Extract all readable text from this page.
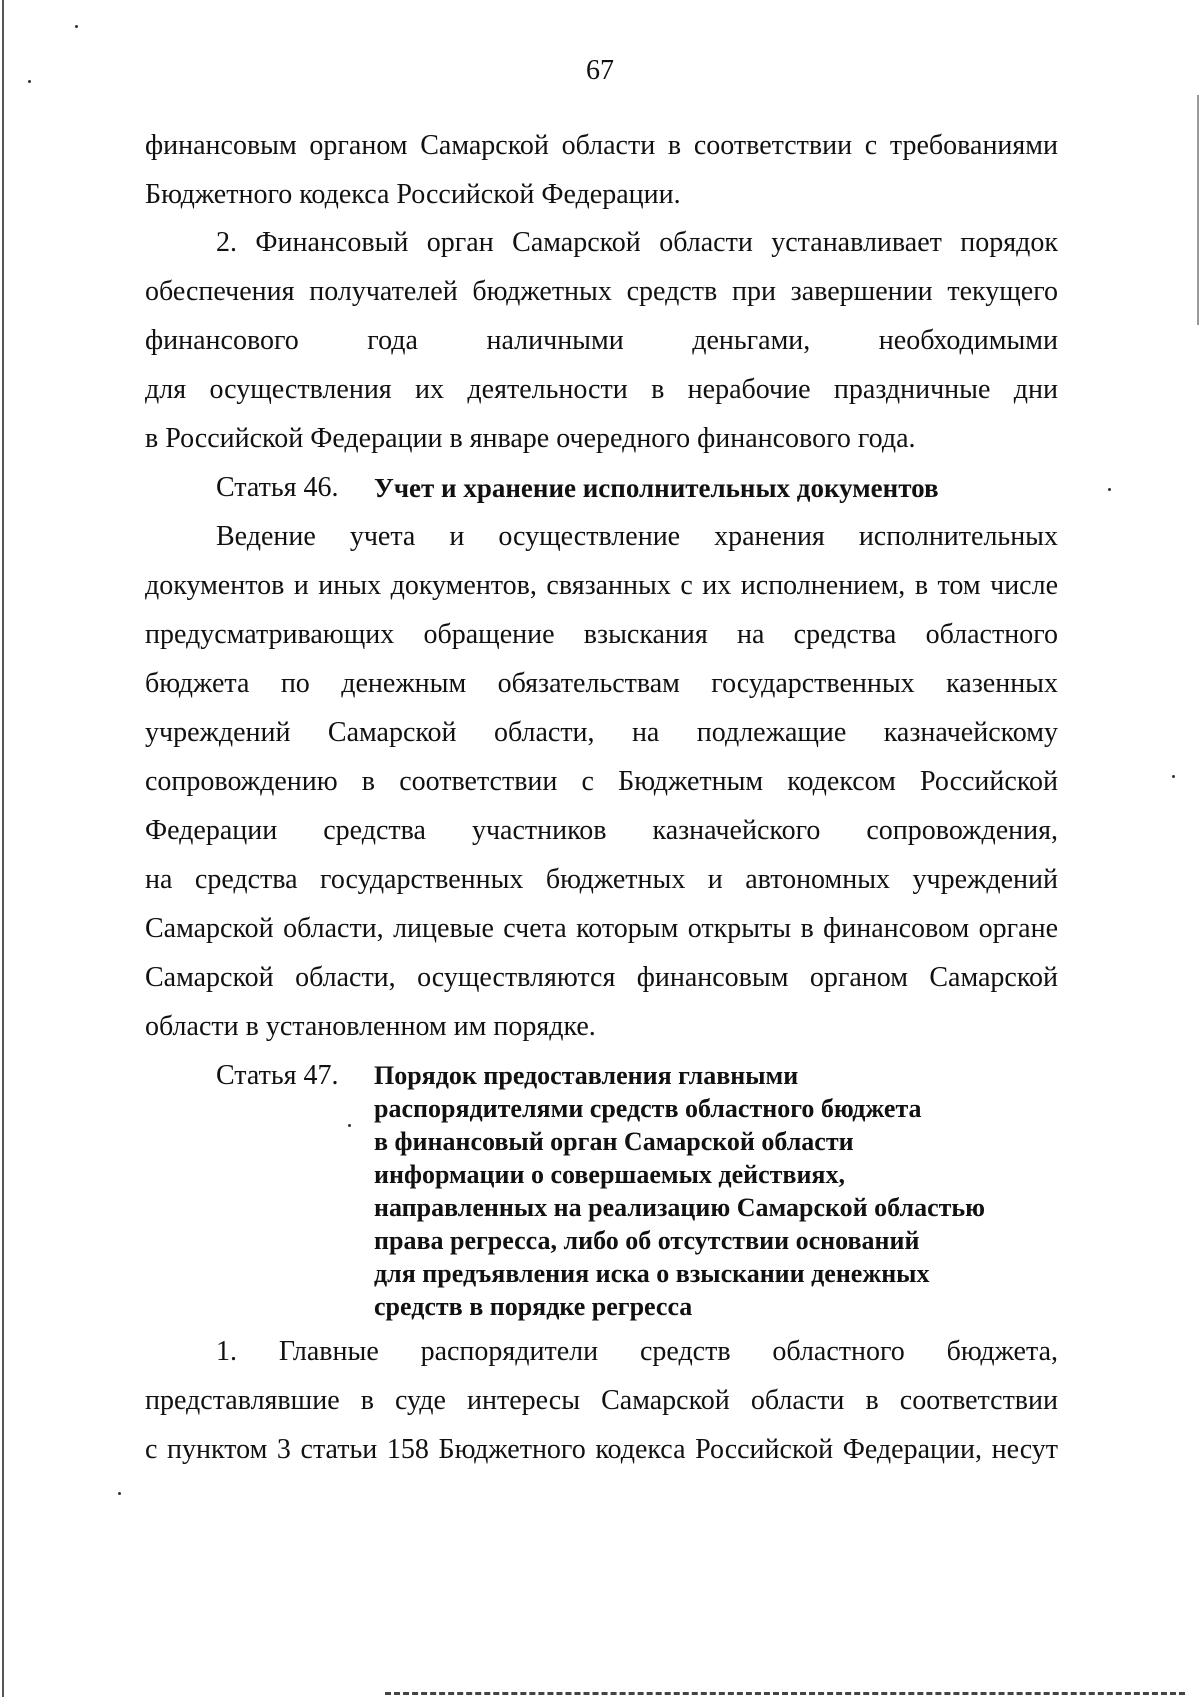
67
финансовым органом Самарской области в соответствии с требованиями
Бюджетного кодекса Российской Федерации.
2. Финансовый орган Самарской области устанавливает порядок
обеспечения получателей бюджетных средств при завершении текущего
финансового года наличными деньгами, необходимыми
для осуществления их деятельности в нерабочие праздничные дни
в Российской Федерации в январе очередного финансового года.
Статья 46. Учет и хранение исполнительных документов
Ведение учета и осуществление хранения исполнительных
документов и иных документов, связанных с их исполнением, в том числе
предусматривающих обращение взыскания на средства областного
бюджета по денежным обязательствам государственных казенных
учреждений Самарской области, на подлежащие казначейскому
сопровождению в соответствии с Бюджетным кодексом Российской
Федерации средства участников казначейского сопровождения,
на средства государственных бюджетных и автономных учреждений
Самарской области, лицевые счета которым открыты в финансовом органе
Самарской области, осуществляются финансовым органом Самарской
области в установленном им порядке.
Статья 47. Порядок предоставления главными
распорядителями средств областного бюджета
в финансовый орган Самарской области
информации о совершаемых действиях,
направленных на реализацию Самарской областью
права регресса, либо об отсутствии оснований
для предъявления иска о взыскании денежных
средств в порядке регресса
1. Главные распорядители средств областного бюджета,
представлявшие в суде интересы Самарской области в соответствии
с пунктом 3 статьи 158 Бюджетного кодекса Российской Федерации, несут
